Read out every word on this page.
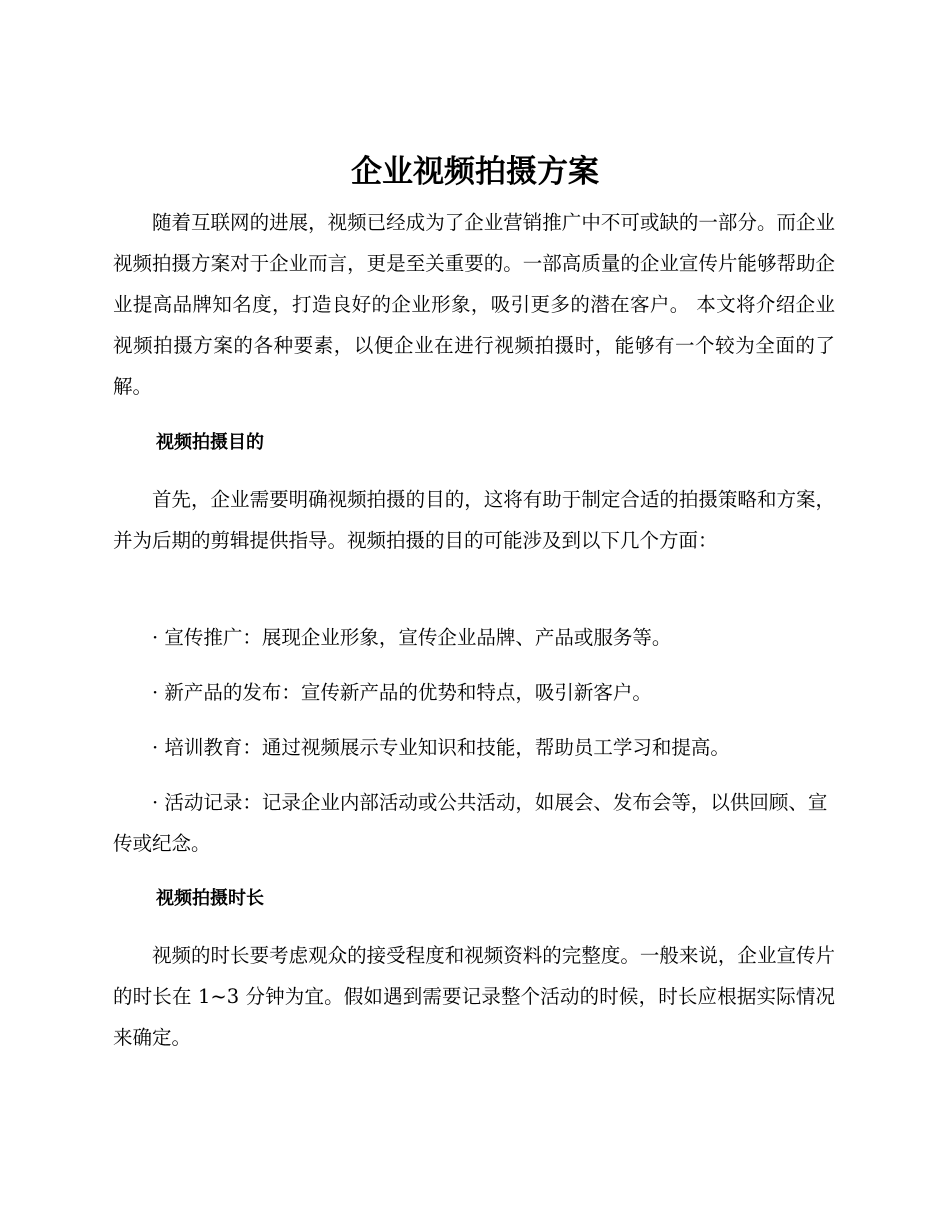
企业视频拍摄方案

随着互联网的进展，视频已经成为了企业营销推广中不可或缺的一部分。而企业视频拍摄方案对于企业而言，更是至关重要的。一部高质量的企业宣传片能够帮助企业提高品牌知名度，打造良好的企业形象，吸引更多的潜在客户。 本文将介绍企业视频拍摄方案的各种要素，以便企业在进行视频拍摄时，能够有一个较为全面的了解。

视频拍摄目的

首先，企业需要明确视频拍摄的目的，这将有助于制定合适的拍摄策略和方案，并为后期的剪辑提供指导。视频拍摄的目的可能涉及到以下几个方面：

· 宣传推广：展现企业形象，宣传企业品牌、产品或服务等。

· 新产品的发布：宣传新产品的优势和特点，吸引新客户。

· 培训教育：通过视频展示专业知识和技能，帮助员工学习和提高。

· 活动记录：记录企业内部活动或公共活动，如展会、发布会等，以供回顾、宣传或纪念。

视频拍摄时长

视频的时长要考虑观众的接受程度和视频资料的完整度。一般来说，企业宣传片的时长在 1~3 分钟为宜。假如遇到需要记录整个活动的时候，时长应根据实际情况来确定。
